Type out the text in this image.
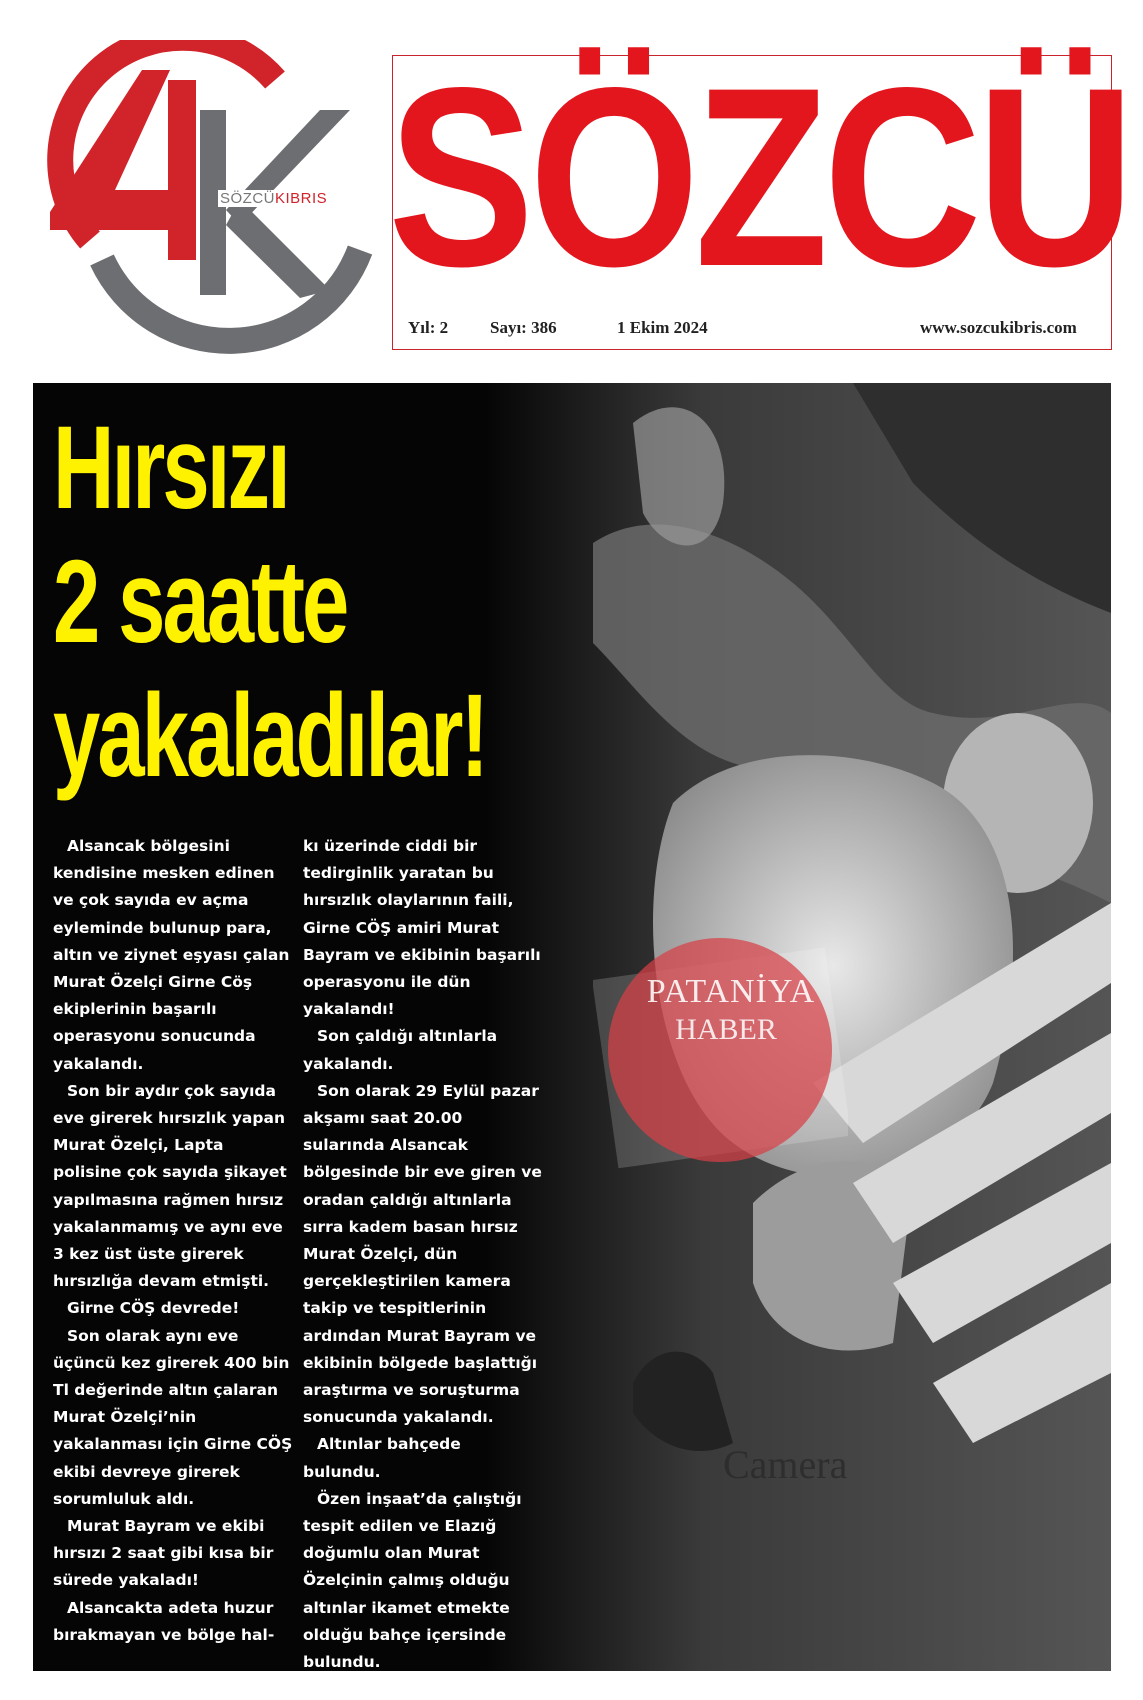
SÖZCÜKIBRIS SÖZCÜ
Yıl: 2 Sayı: 386	1 Ekim 2024	www.sozcukibris.com
Camera
Hırsızı
2 saatte
yakaladılar!

Alsancak bölgesini kendisine mesken edinen ve çok sayıda ev açma eyleminde bulunup para, altın ve ziynet eşyası çalan Murat Özelçi Girne Cöş ekiplerinin başarılı operasyonu sonucunda yakalandı.

Son bir aydır çok sayıda eve girerek hırsızlık yapan Murat Özelçi, Lapta polisine çok sayıda şikayet yapılmasına rağmen hırsız yakalanmamış ve aynı eve 3 kez üst üste girerek hırsızlığa devam etmişti.

Girne CÖŞ devrede!

Son olarak aynı eve üçüncü kez girerek 400 bin Tl değerinde altın çalaran Murat Özelçi’nin yakalanması için Girne CÖŞ ekibi devreye girerek sorumluluk aldı.

Murat Bayram ve ekibi hırsızı 2 saat gibi kısa bir sürede yakaladı!

Alsancakta adeta huzur bırakmayan ve bölge hal-

kı üzerinde ciddi bir tedirginlik yaratan bu hırsızlık olaylarının faili, Girne CÖŞ amiri Murat Bayram ve ekibinin başarılı operasyonu ile dün yakalandı!

Son çaldığı altınlarla yakalandı.

Son olarak 29 Eylül pazar akşamı saat 20.00 sularında Alsancak bölgesinde bir eve giren ve oradan çaldığı altınlarla sırra kadem basan hırsız Murat Özelçi, dün gerçekleştirilen kamera takip ve tespitlerinin ardından Murat Bayram ve ekibinin bölgede başlattığı araştırma ve soruşturma sonucunda yakalandı.

Altınlar bahçede bulundu.

Özen inşaat’da çalıştığı tespit edilen ve Elazığ doğumlu olan Murat Özelçinin çalmış olduğu altınlar ikamet etmekte olduğu bahçe içersinde bulundu.

PATANİYA
HABER
